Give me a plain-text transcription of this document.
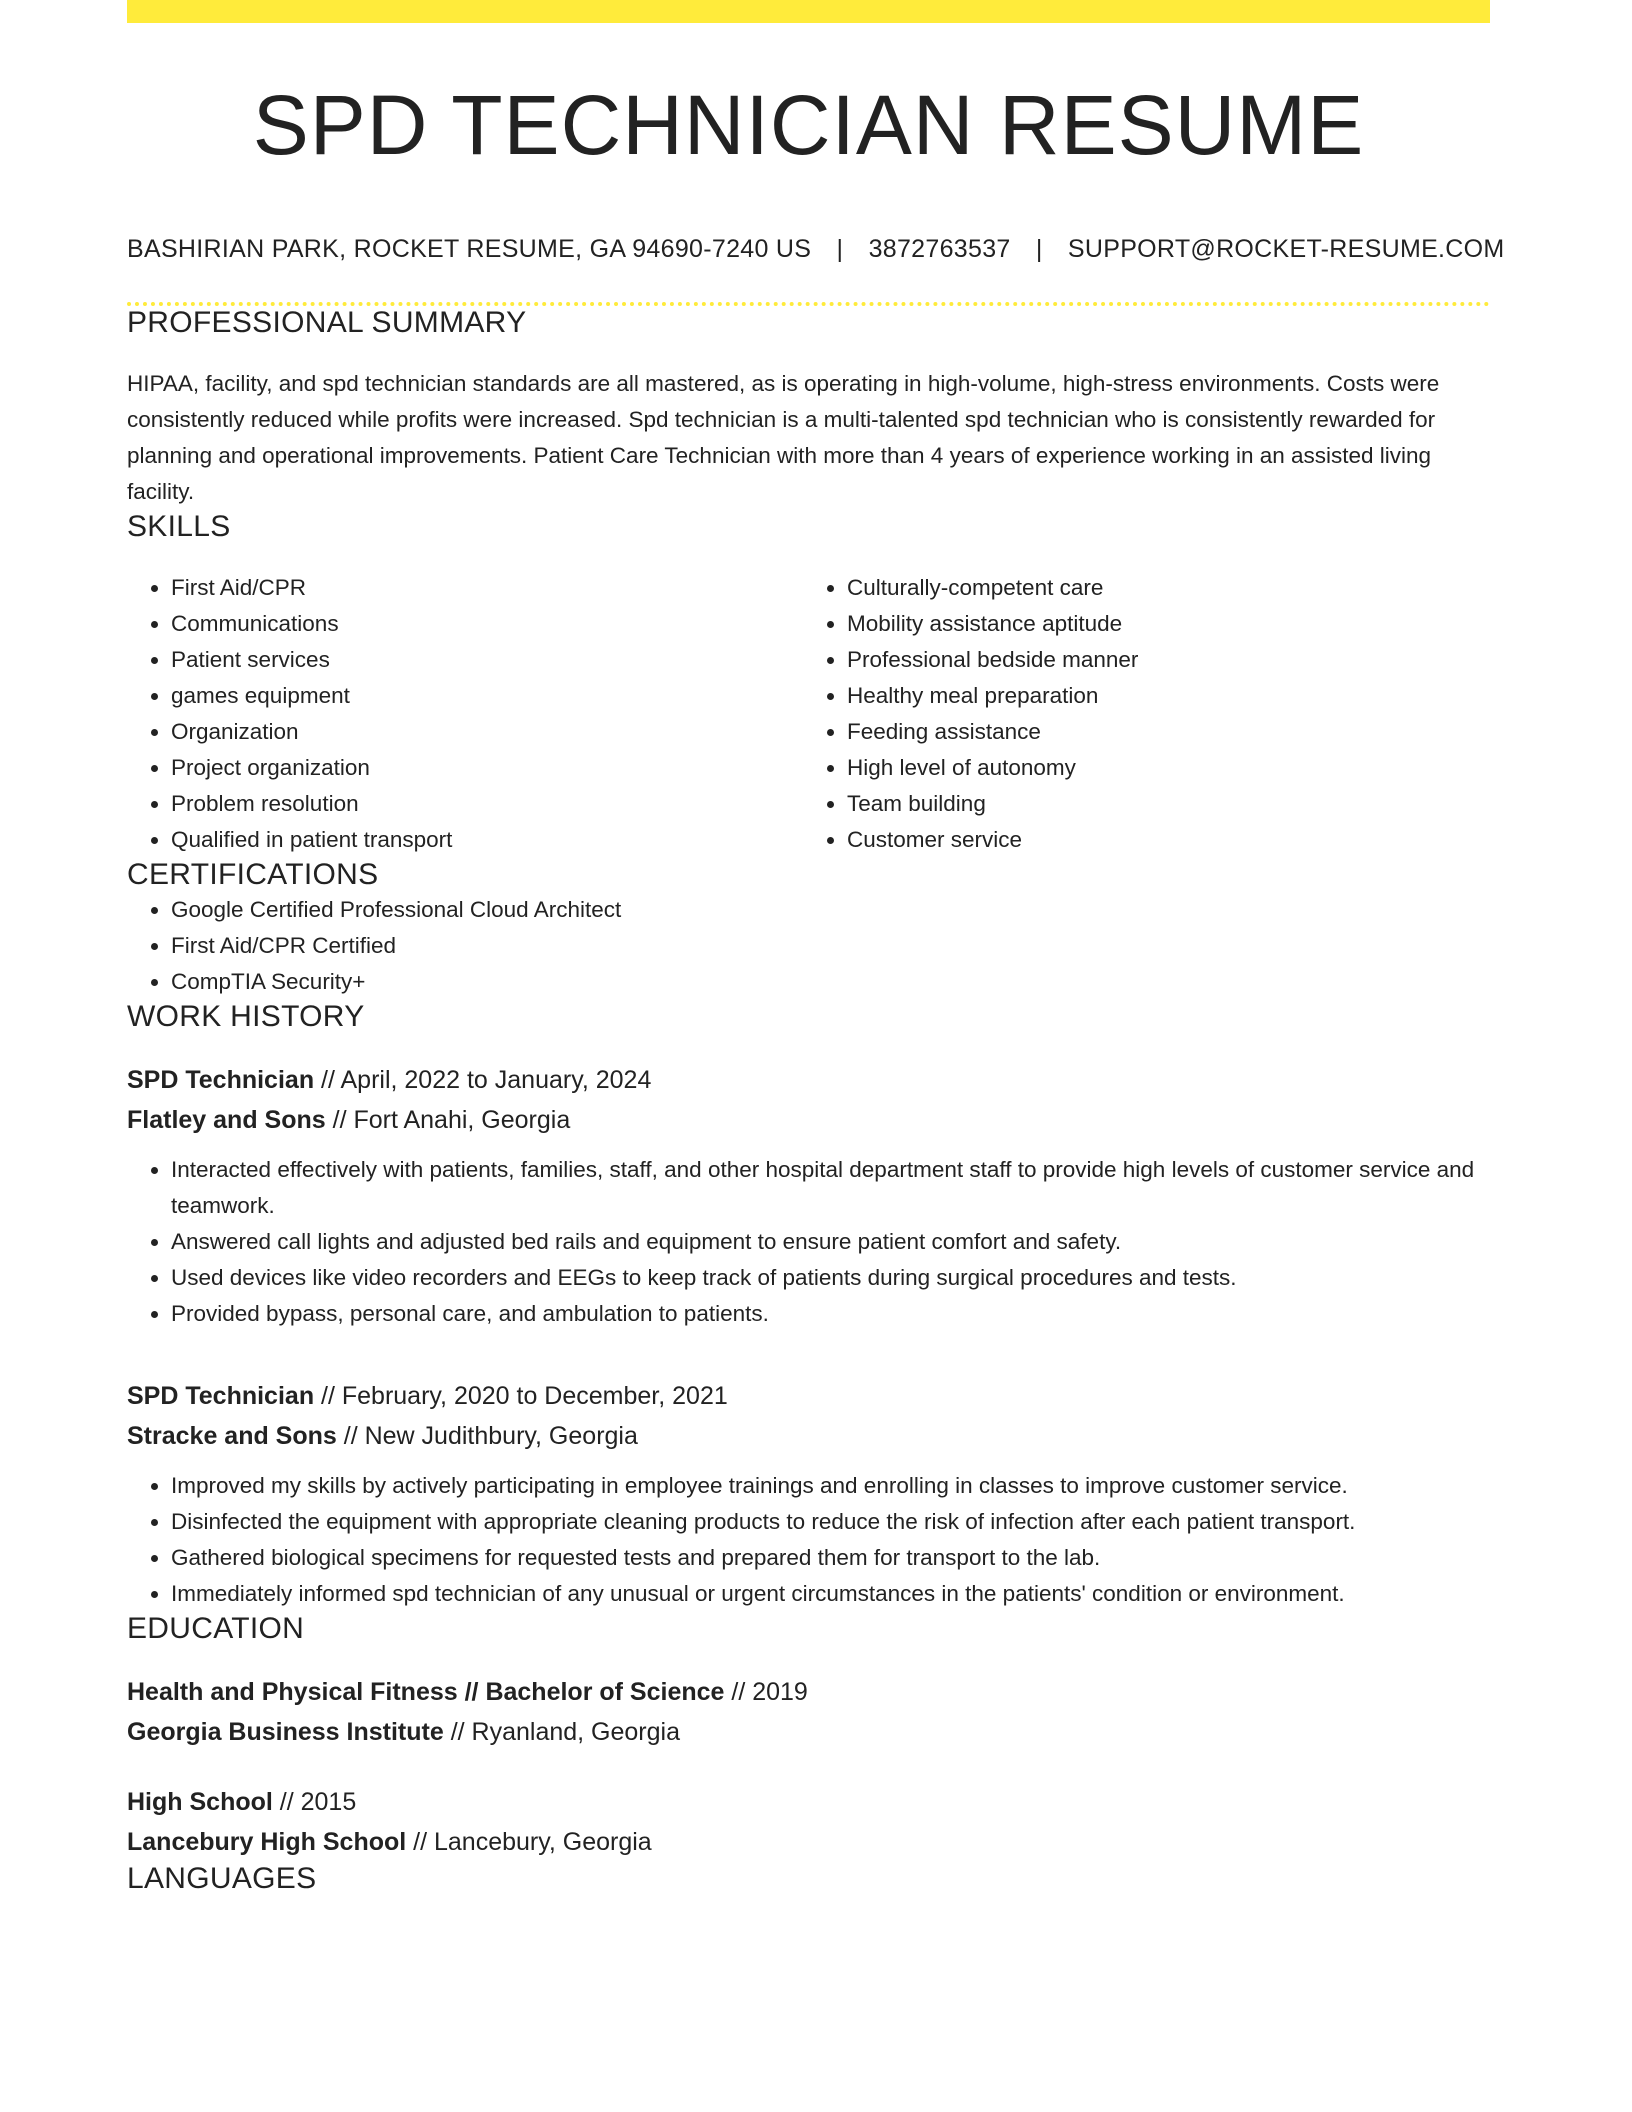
SPD TECHNICIAN RESUME
BASHIRIAN PARK, ROCKET RESUME, GA 94690-7240 US | 3872763537 | SUPPORT@ROCKET-RESUME.COM
PROFESSIONAL SUMMARY

HIPAA, facility, and spd technician standards are all mastered, as is operating in high-volume, high-stress environments. Costs were consistently reduced while profits were increased. Spd technician is a multi-talented spd technician who is consistently rewarded for planning and operational improvements. Patient Care Technician with more than 4 years of experience working in an assisted living facility.

SKILLS
• First Aid/CPR
• Communications
• Patient services
• games equipment
• Organization
• Project organization
• Problem resolution
• Qualified in patient transport
• Culturally-competent care
• Mobility assistance aptitude
• Professional bedside manner
• Healthy meal preparation
• Feeding assistance
• High level of autonomy
• Team building
• Customer service
CERTIFICATIONS
• Google Certified Professional Cloud Architect
• First Aid/CPR Certified
• CompTIA Security+
WORK HISTORY
SPD Technician // April, 2022 to January, 2024
Flatley and Sons // Fort Anahi, Georgia
• Interacted effectively with patients, families, staff, and other hospital department staff to provide high levels of customer service and teamwork.
• Answered call lights and adjusted bed rails and equipment to ensure patient comfort and safety.
• Used devices like video recorders and EEGs to keep track of patients during surgical procedures and tests.
• Provided bypass, personal care, and ambulation to patients.
SPD Technician // February, 2020 to December, 2021
Stracke and Sons // New Judithbury, Georgia
• Improved my skills by actively participating in employee trainings and enrolling in classes to improve customer service.
• Disinfected the equipment with appropriate cleaning products to reduce the risk of infection after each patient transport.
• Gathered biological specimens for requested tests and prepared them for transport to the lab.
• Immediately informed spd technician of any unusual or urgent circumstances in the patients' condition or environment.
EDUCATION
Health and Physical Fitness // Bachelor of Science // 2019
Georgia Business Institute // Ryanland, Georgia
High School // 2015
Lancebury High School // Lancebury, Georgia
LANGUAGES
